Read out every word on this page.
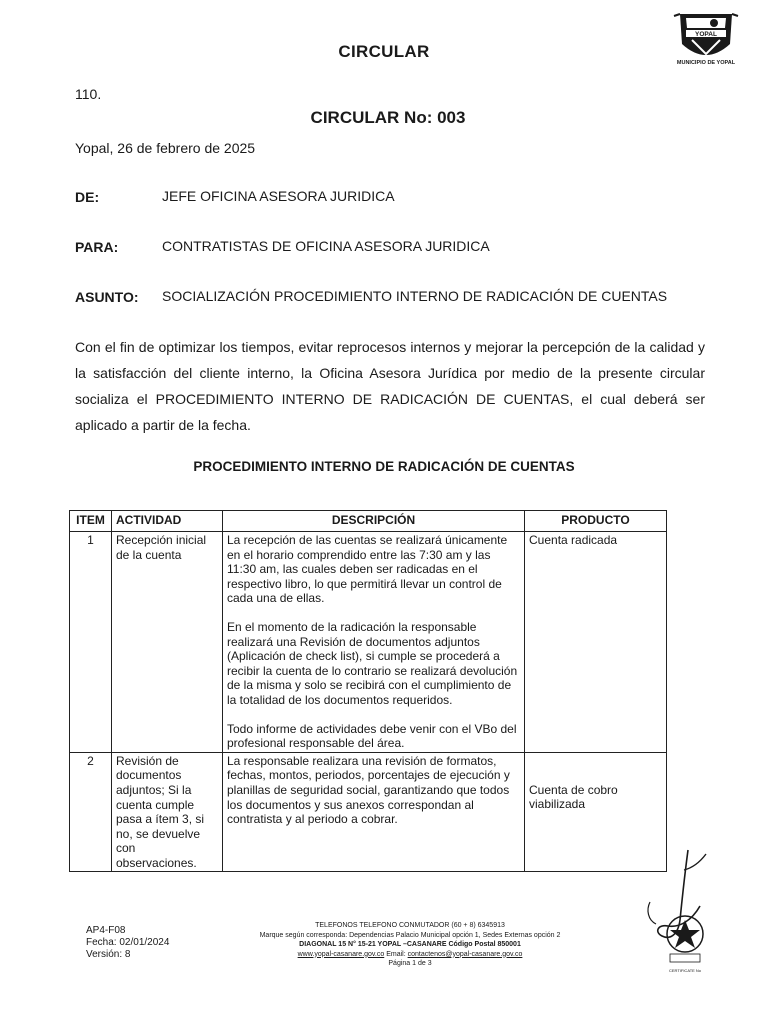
CIRCULAR
YOPAL
MUNICIPIO DE YOPAL
110.
CIRCULAR No: 003
Yopal, 26 de febrero de 2025
DE:	JEFE OFICINA ASESORA JURIDICA
PARA:	CONTRATISTAS DE OFICINA ASESORA JURIDICA
ASUNTO: SOCIALIZACIÓN PROCEDIMIENTO INTERNO DE RADICACIÓN DE CUENTAS
Con el fin de optimizar los tiempos, evitar reprocesos internos y mejorar la percepción de la calidad y la satisfacción del cliente interno, la Oficina Asesora Jurídica por medio de la presente circular socializa el PROCEDIMIENTO INTERNO DE RADICACIÓN DE CUENTAS, el cual deberá ser aplicado a partir de la fecha.
PROCEDIMIENTO INTERNO DE RADICACIÓN DE CUENTAS
ITEM	ACTIVIDAD	DESCRIPCIÓN	PRODUCTO
1	Recepción inicial de la cuenta	La recepción de las cuentas se realizará únicamente en el horario comprendido entre las 7:30 am y las 11:30 am, las cuales deben ser radicadas en el respectivo libro, lo que permitirá llevar un control de cada una de ellas.
En el momento de la radicación la responsable realizará una Revisión de documentos adjuntos (Aplicación de check list), si cumple se procederá a recibir la cuenta de lo contrario se realizará devolución de la misma y solo se recibirá con el cumplimiento de la totalidad de los documentos requeridos.
Todo informe de actividades debe venir con el VBo del profesional responsable del área.	Cuenta radicada
2	Revisión de documentos adjuntos; Si la cuenta cumple pasa a ítem 3, si no, se devuelve con observaciones.	La responsable realizara una revisión de formatos, fechas, montos, periodos, porcentajes de ejecución y planillas de seguridad social, garantizando que todos los documentos y sus anexos correspondan al contratista y al periodo a cobrar.	Cuenta de cobro viabilizada
CERTIFICATE No
AP4-F08
Fecha: 02/01/2024
Versión: 8
TELEFONOS TELEFONO CONMUTADOR (60 + 8) 6345913
Marque según corresponda: Dependencias Palacio Municipal opción 1, Sedes Externas opción 2
DIAGONAL 15 N° 15-21 YOPAL –CASANARE Código Postal 850001
www.yopal-casanare.gov.co Email: contactenos@yopal-casanare.gov.co
Página 1 de 3
